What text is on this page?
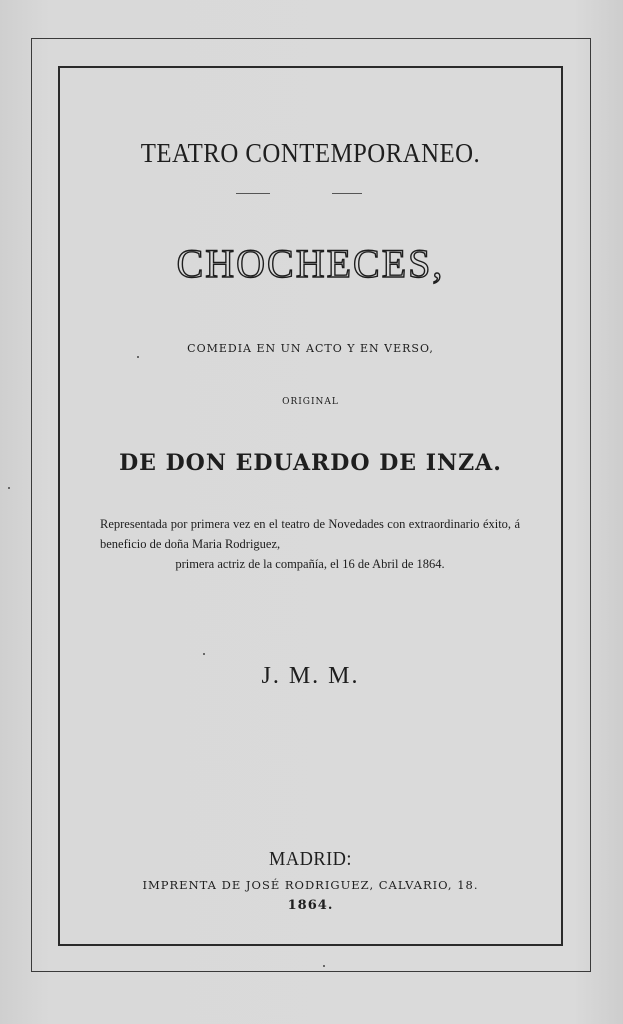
TEATRO CONTEMPORANEO.
CHOCHECES,
COMEDIA EN UN ACTO Y EN VERSO,
ORIGINAL
DE DON EDUARDO DE INZA.
Representada por primera vez en el teatro de Novedades con extraordinario éxito, á beneficio de doña Maria Rodriguez,
primera actriz de la compañía, el 16 de Abril de 1864.
J. M. M.
MADRID:
IMPRENTA DE JOSÉ RODRIGUEZ, CALVARIO, 18.
1864.
